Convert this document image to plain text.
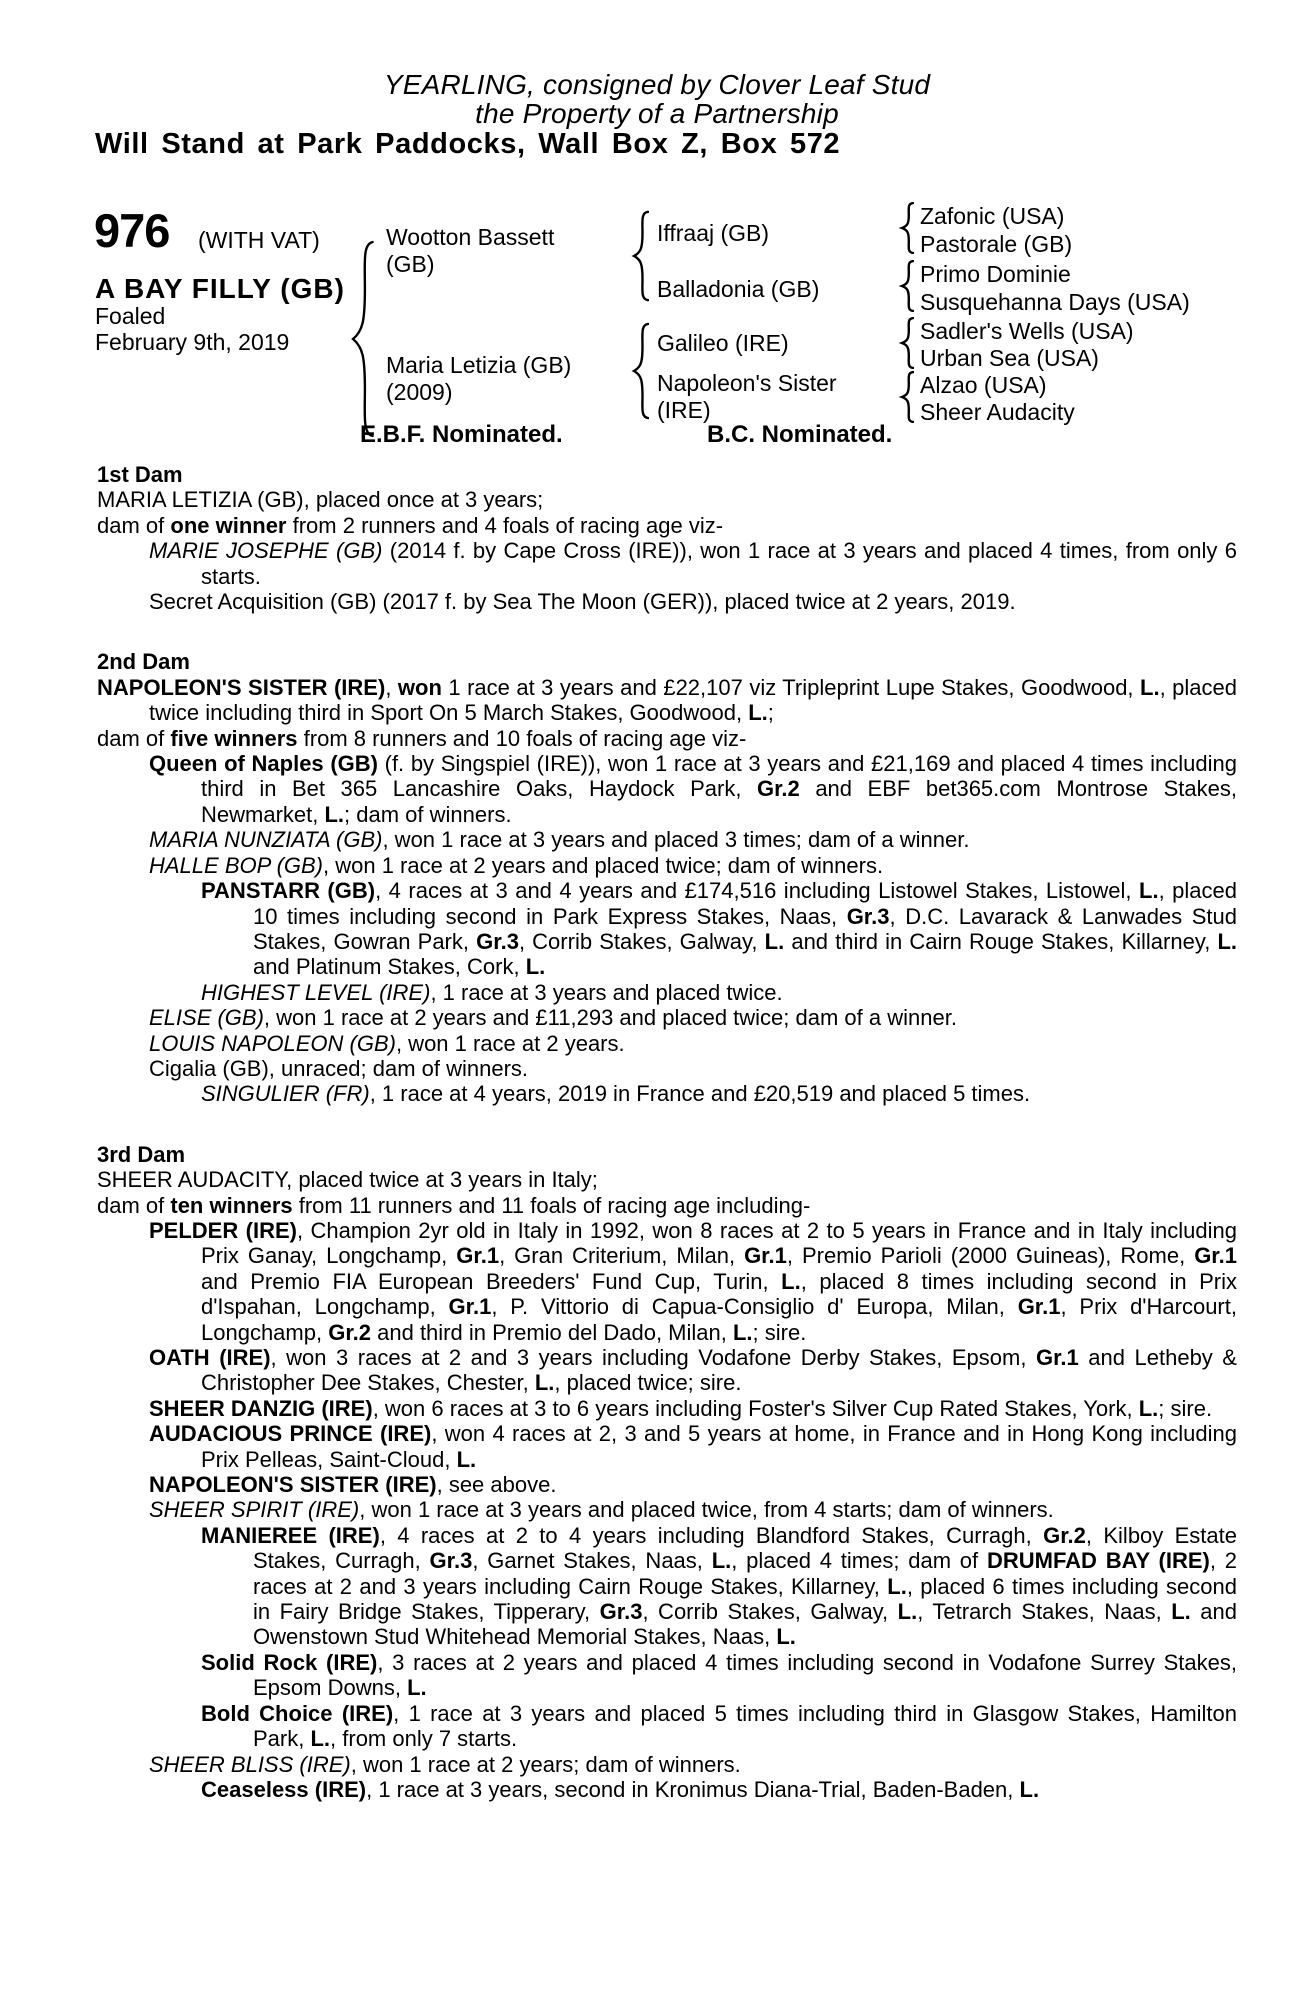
YEARLING, consigned by Clover Leaf Stud
the Property of a Partnership
Will Stand at Park Paddocks, Wall Box Z, Box 572
976 (WITH VAT)
A BAY FILLY (GB)
Foaled
February 9th, 2019
Wootton Bassett
(GB)
Maria Letizia (GB)
(2009)
Iffraaj (GB)
Balladonia (GB)
Galileo (IRE)
Napoleon's Sister
(IRE)
Zafonic (USA)
Pastorale (GB)
Primo Dominie
Susquehanna Days (USA)
Sadler's Wells (USA)
Urban Sea (USA)
Alzao (USA)
Sheer Audacity
E.B.F. Nominated.	B.C. Nominated.
1st Dam

MARIA LETIZIA (GB), placed once at 3 years;

dam of one winner from 2 runners and 4 foals of racing age viz-

MARIE JOSEPHE (GB) (2014 f. by Cape Cross (IRE)), won 1 race at 3 years and placed 4 times, from only 6 starts.

Secret Acquisition (GB) (2017 f. by Sea The Moon (GER)), placed twice at 2 years, 2019.

2nd Dam

NAPOLEON'S SISTER (IRE), won 1 race at 3 years and £22,107 viz Tripleprint Lupe Stakes, Goodwood, L., placed twice including third in Sport On 5 March Stakes, Goodwood, L.;

dam of five winners from 8 runners and 10 foals of racing age viz-

Queen of Naples (GB) (f. by Singspiel (IRE)), won 1 race at 3 years and £21,169 and placed 4 times including third in Bet 365 Lancashire Oaks, Haydock Park, Gr.2 and EBF bet365.com Montrose Stakes, Newmarket, L.; dam of winners.

MARIA NUNZIATA (GB), won 1 race at 3 years and placed 3 times; dam of a winner.

HALLE BOP (GB), won 1 race at 2 years and placed twice; dam of winners.

PANSTARR (GB), 4 races at 3 and 4 years and £174,516 including Listowel Stakes, Listowel, L., placed 10 times including second in Park Express Stakes, Naas, Gr.3, D.C. Lavarack & Lanwades Stud Stakes, Gowran Park, Gr.3, Corrib Stakes, Galway, L. and third in Cairn Rouge Stakes, Killarney, L. and Platinum Stakes, Cork, L.

HIGHEST LEVEL (IRE), 1 race at 3 years and placed twice.

ELISE (GB), won 1 race at 2 years and £11,293 and placed twice; dam of a winner.

LOUIS NAPOLEON (GB), won 1 race at 2 years.

Cigalia (GB), unraced; dam of winners.

SINGULIER (FR), 1 race at 4 years, 2019 in France and £20,519 and placed 5 times.

3rd Dam

SHEER AUDACITY, placed twice at 3 years in Italy;

dam of ten winners from 11 runners and 11 foals of racing age including-

PELDER (IRE), Champion 2yr old in Italy in 1992, won 8 races at 2 to 5 years in France and in Italy including Prix Ganay, Longchamp, Gr.1, Gran Criterium, Milan, Gr.1, Premio Parioli (2000 Guineas), Rome, Gr.1 and Premio FIA European Breeders' Fund Cup, Turin, L., placed 8 times including second in Prix d'Ispahan, Longchamp, Gr.1, P. Vittorio di Capua-Consiglio d' Europa, Milan, Gr.1, Prix d'Harcourt, Longchamp, Gr.2 and third in Premio del Dado, Milan, L.; sire.

OATH (IRE), won 3 races at 2 and 3 years including Vodafone Derby Stakes, Epsom, Gr.1 and Letheby & Christopher Dee Stakes, Chester, L., placed twice; sire.

SHEER DANZIG (IRE), won 6 races at 3 to 6 years including Foster's Silver Cup Rated Stakes, York, L.; sire.

AUDACIOUS PRINCE (IRE), won 4 races at 2, 3 and 5 years at home, in France and in Hong Kong including Prix Pelleas, Saint-Cloud, L.

NAPOLEON'S SISTER (IRE), see above.

SHEER SPIRIT (IRE), won 1 race at 3 years and placed twice, from 4 starts; dam of winners.

MANIEREE (IRE), 4 races at 2 to 4 years including Blandford Stakes, Curragh, Gr.2, Kilboy Estate Stakes, Curragh, Gr.3, Garnet Stakes, Naas, L., placed 4 times; dam of DRUMFAD BAY (IRE), 2 races at 2 and 3 years including Cairn Rouge Stakes, Killarney, L., placed 6 times including second in Fairy Bridge Stakes, Tipperary, Gr.3, Corrib Stakes, Galway, L., Tetrarch Stakes, Naas, L. and Owenstown Stud Whitehead Memorial Stakes, Naas, L.

Solid Rock (IRE), 3 races at 2 years and placed 4 times including second in Vodafone Surrey Stakes, Epsom Downs, L.

Bold Choice (IRE), 1 race at 3 years and placed 5 times including third in Glasgow Stakes, Hamilton Park, L., from only 7 starts.

SHEER BLISS (IRE), won 1 race at 2 years; dam of winners.

Ceaseless (IRE), 1 race at 3 years, second in Kronimus Diana-Trial, Baden-Baden, L.
